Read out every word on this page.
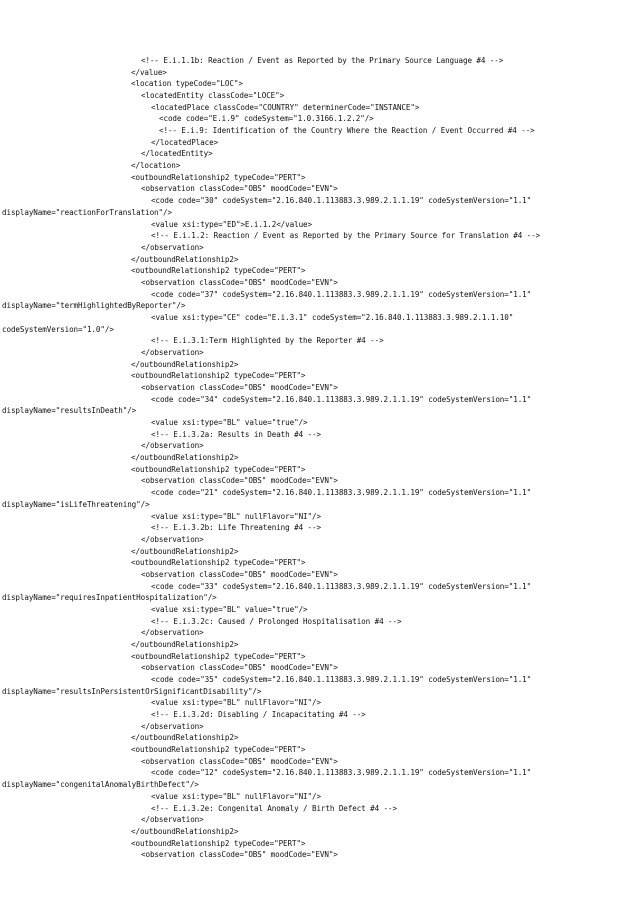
<!-- E.i.1.1b: Reaction / Event as Reported by the Primary Source Language #4 -->
</value>
<location typeCode="LOC">
<locatedEntity classCode="LOCE">
<locatedPlace classCode="COUNTRY" determinerCode="INSTANCE">
<code code="E.i.9" codeSystem="1.0.3166.1.2.2"/>
<!-- E.i.9: Identification of the Country Where the Reaction / Event Occurred #4 -->
</locatedPlace>
</locatedEntity>
</location>
<outboundRelationship2 typeCode="PERT">
<observation classCode="OBS" moodCode="EVN">
<code code="30" codeSystem="2.16.840.1.113883.3.989.2.1.1.19" codeSystemVersion="1.1"
displayName="reactionForTranslation"/>
<value xsi:type="ED">E.i.1.2</value>
<!-- E.i.1.2: Reaction / Event as Reported by the Primary Source for Translation #4 -->
</observation>
</outboundRelationship2>
<outboundRelationship2 typeCode="PERT">
<observation classCode="OBS" moodCode="EVN">
<code code="37" codeSystem="2.16.840.1.113883.3.989.2.1.1.19" codeSystemVersion="1.1"
displayName="termHighlightedByReporter"/>
<value xsi:type="CE" code="E.i.3.1" codeSystem="2.16.840.1.113883.3.989.2.1.1.10"
codeSystemVersion="1.0"/>
<!-- E.i.3.1:Term Highlighted by the Reporter #4 -->
</observation>
</outboundRelationship2>
<outboundRelationship2 typeCode="PERT">
<observation classCode="OBS" moodCode="EVN">
<code code="34" codeSystem="2.16.840.1.113883.3.989.2.1.1.19" codeSystemVersion="1.1"
displayName="resultsInDeath"/>
<value xsi:type="BL" value="true"/>
<!-- E.i.3.2a: Results in Death #4 -->
</observation>
</outboundRelationship2>
<outboundRelationship2 typeCode="PERT">
<observation classCode="OBS" moodCode="EVN">
<code code="21" codeSystem="2.16.840.1.113883.3.989.2.1.1.19" codeSystemVersion="1.1"
displayName="isLifeThreatening"/>
<value xsi:type="BL" nullFlavor="NI"/>
<!-- E.i.3.2b: Life Threatening #4 -->
</observation>
</outboundRelationship2>
<outboundRelationship2 typeCode="PERT">
<observation classCode="OBS" moodCode="EVN">
<code code="33" codeSystem="2.16.840.1.113883.3.989.2.1.1.19" codeSystemVersion="1.1"
displayName="requiresInpatientHospitalization"/>
<value xsi:type="BL" value="true"/>
<!-- E.i.3.2c: Caused / Prolonged Hospitalisation #4 -->
</observation>
</outboundRelationship2>
<outboundRelationship2 typeCode="PERT">
<observation classCode="OBS" moodCode="EVN">
<code code="35" codeSystem="2.16.840.1.113883.3.989.2.1.1.19" codeSystemVersion="1.1"
displayName="resultsInPersistentOrSignificantDisability"/>
<value xsi:type="BL" nullFlavor="NI"/>
<!-- E.i.3.2d: Disabling / Incapacitating #4 -->
</observation>
</outboundRelationship2>
<outboundRelationship2 typeCode="PERT">
<observation classCode="OBS" moodCode="EVN">
<code code="12" codeSystem="2.16.840.1.113883.3.989.2.1.1.19" codeSystemVersion="1.1"
displayName="congenitalAnomalyBirthDefect"/>
<value xsi:type="BL" nullFlavor="NI"/>
<!-- E.i.3.2e: Congenital Anomaly / Birth Defect #4 -->
</observation>
</outboundRelationship2>
<outboundRelationship2 typeCode="PERT">
<observation classCode="OBS" moodCode="EVN">
